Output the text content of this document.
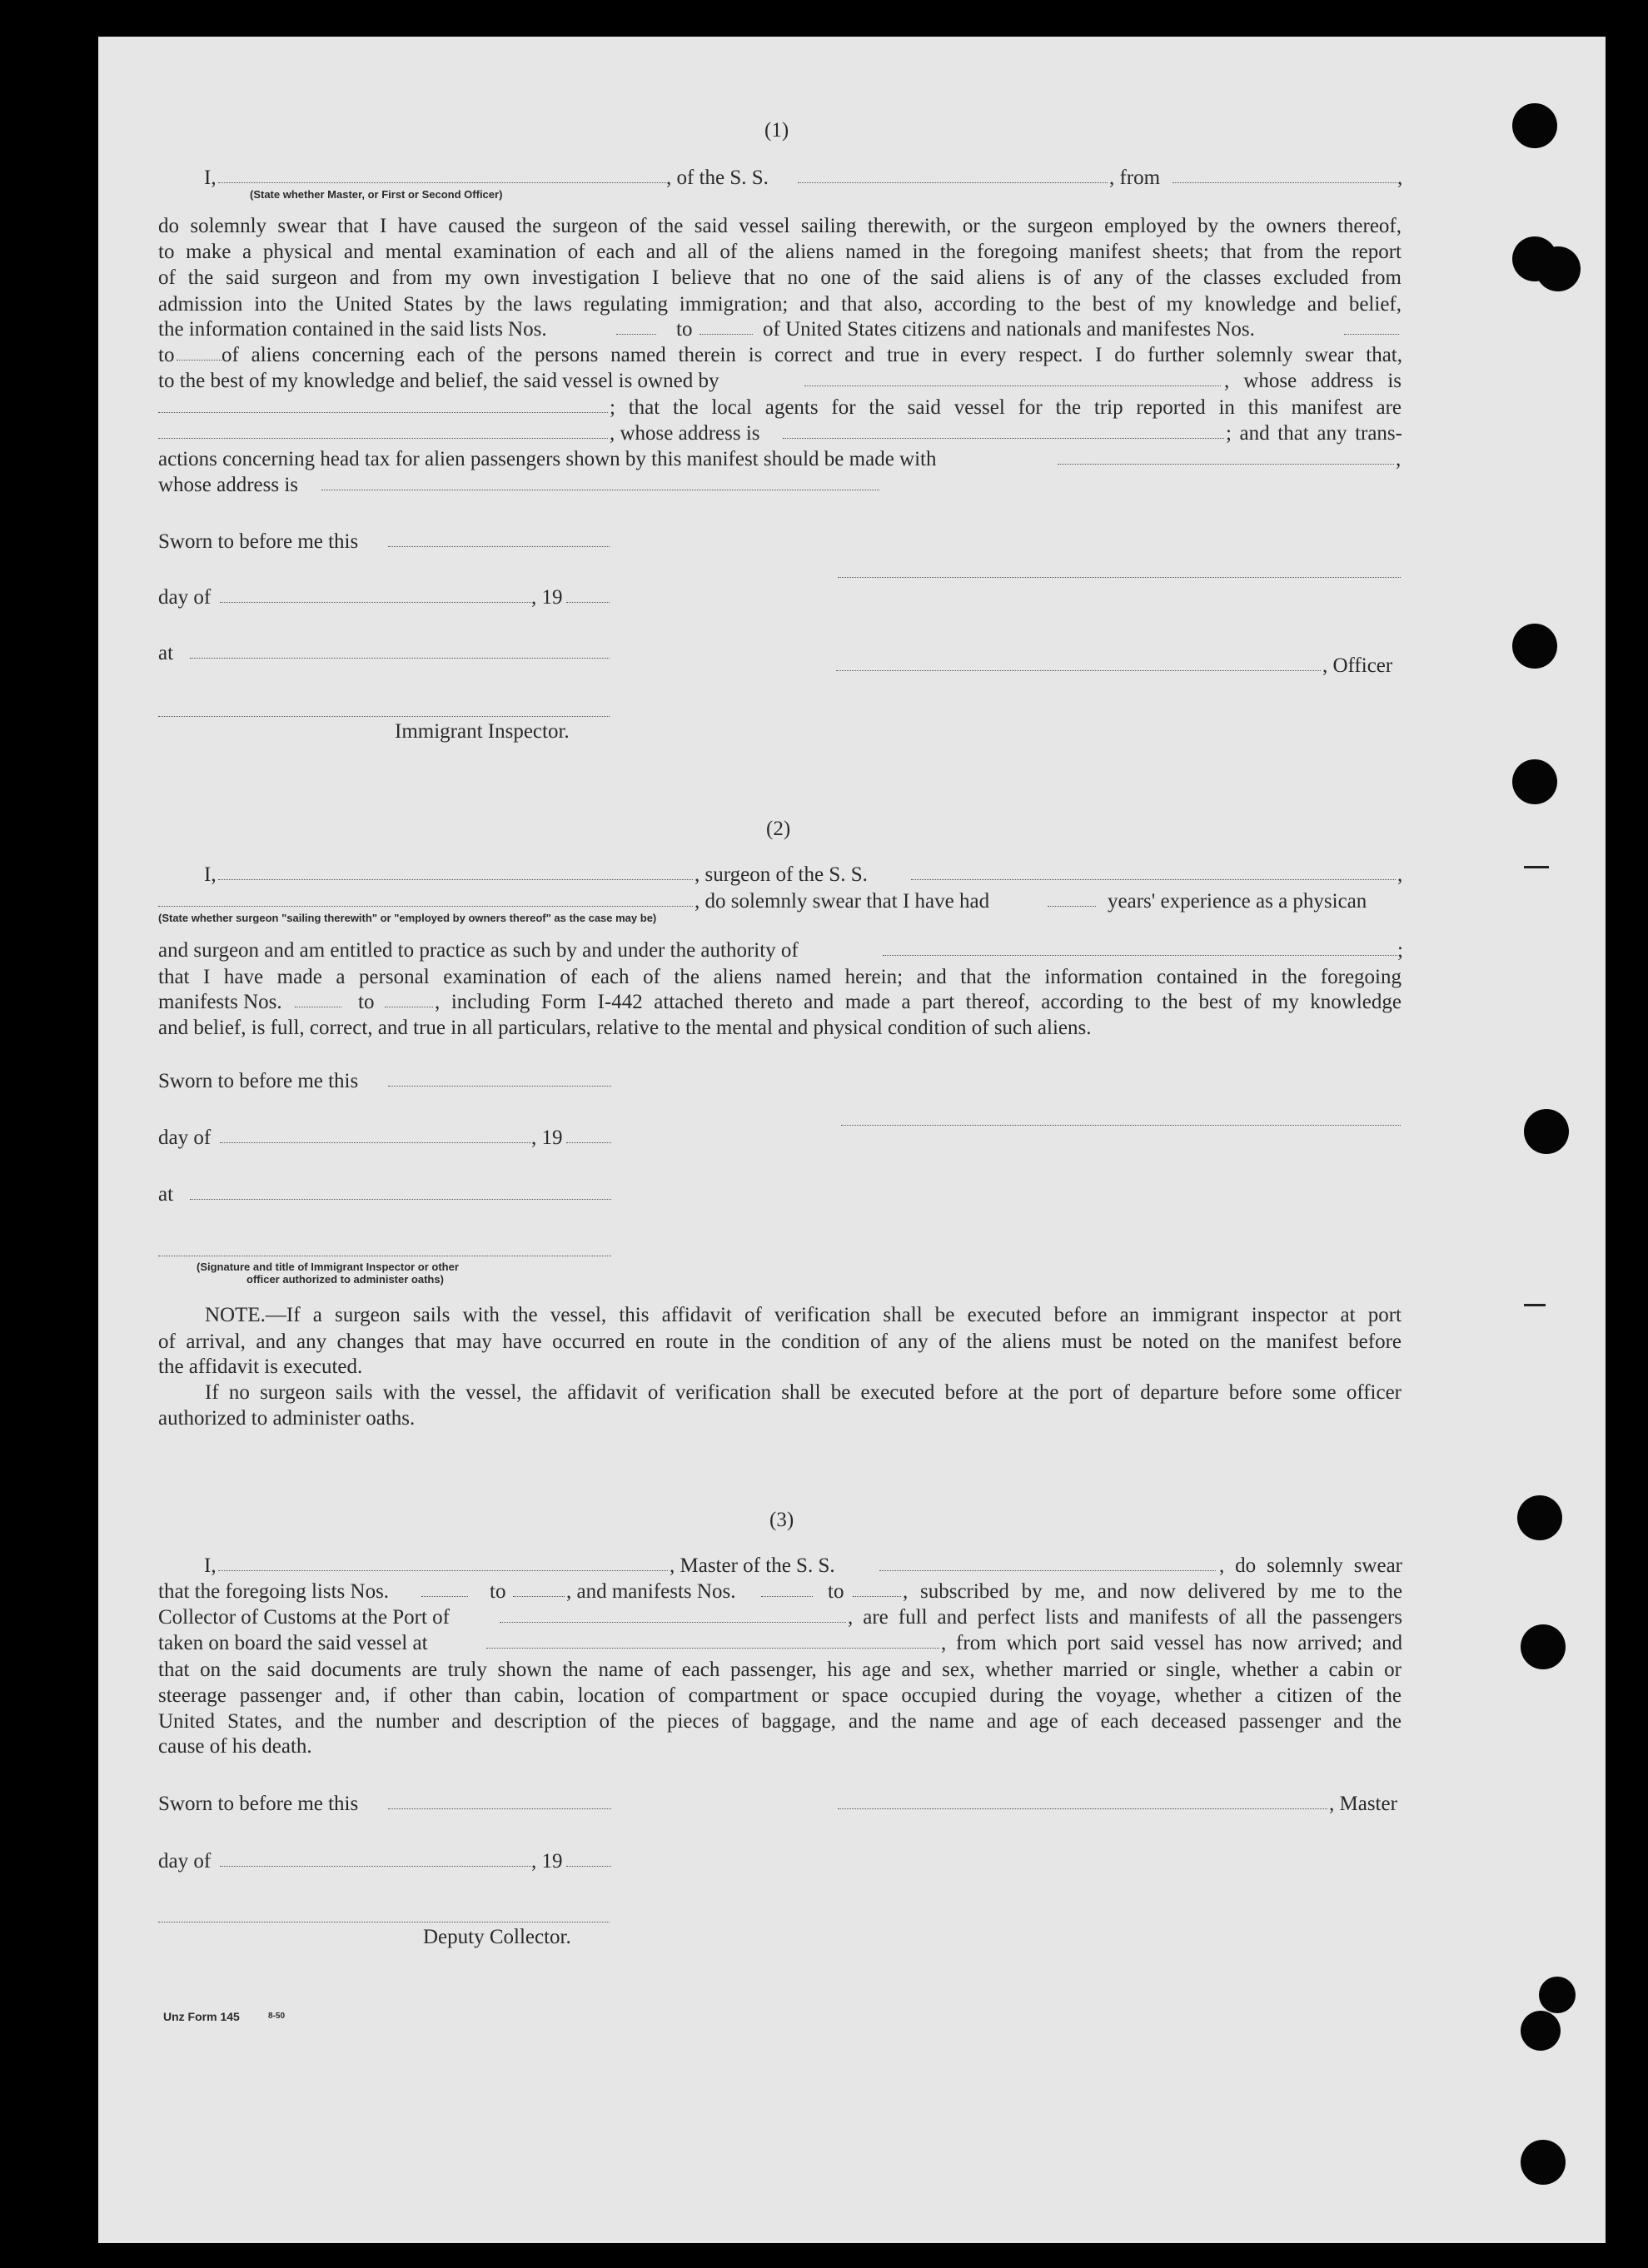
(1)
I,	, of the S. S.	, from	,
(State whether Master, or First or Second Officer)
do solemnly swear that I have caused the surgeon of the said vessel sailing therewith, or the surgeon employed by the owners thereof,
to make a physical and mental examination of each and all of the aliens named in the foregoing manifest sheets; that from the report
of the said surgeon and from my own investigation I believe that no one of the said aliens is of any of the classes excluded from
admission into the United States by the laws regulating immigration; and that also, according to the best of my knowledge and belief,
the information contained in the said lists Nos.	to	of United States citizens and nationals and manifestes Nos.
to of aliens concerning each of the persons named therein is correct and true in every respect. I do further solemnly swear that,
to the best of my knowledge and belief, the said vessel is owned by	, whose address is
; that the local agents for the said vessel for the trip reported in this manifest are
, whose address is	; and that any trans-
actions concerning head tax for alien passengers shown by this manifest should be made with	,
whose address is
Sworn to before me this
day of	, 19
at
, Officer
Immigrant Inspector.
(2)
I,	, surgeon of the S. S.	,
, do solemnly swear that I have had	years' experience as a physican
(State whether surgeon "sailing therewith" or "employed by owners thereof" as the case may be)
and surgeon and am entitled to practice as such by and under the authority of	;
that I have made a personal examination of each of the aliens named herein; and that the information contained in the foregoing
manifests Nos.	to	, including Form I-442 attached thereto and made a part thereof, according to the best of my knowledge
and belief, is full, correct, and true in all particulars, relative to the mental and physical condition of such aliens.
Sworn to before me this
day of	, 19
at
(Signature and title of Immigrant Inspector or other
officer authorized to administer oaths)
NOTE.—If a surgeon sails with the vessel, this affidavit of verification shall be executed before an immigrant inspector at port
of arrival, and any changes that may have occurred en route in the condition of any of the aliens must be noted on the manifest before
the affidavit is executed.
If no surgeon sails with the vessel, the affidavit of verification shall be executed before at the port of departure before some officer
authorized to administer oaths.
(3)
I,	, Master of the S. S.	, do solemnly swear
that the foregoing lists Nos.	to	, and manifests Nos.	to	, subscribed by me, and now delivered by me to the
Collector of Customs at the Port of	, are full and perfect lists and manifests of all the passengers
taken on board the said vessel at	, from which port said vessel has now arrived; and
that on the said documents are truly shown the name of each passenger, his age and sex, whether married or single, whether a cabin or
steerage passenger and, if other than cabin, location of compartment or space occupied during the voyage, whether a citizen of the
United States, and the number and description of the pieces of baggage, and the name and age of each deceased passenger and the
cause of his death.
Sworn to before me this	, Master
day of	, 19
Deputy Collector.
Unz Form 145	8-50
